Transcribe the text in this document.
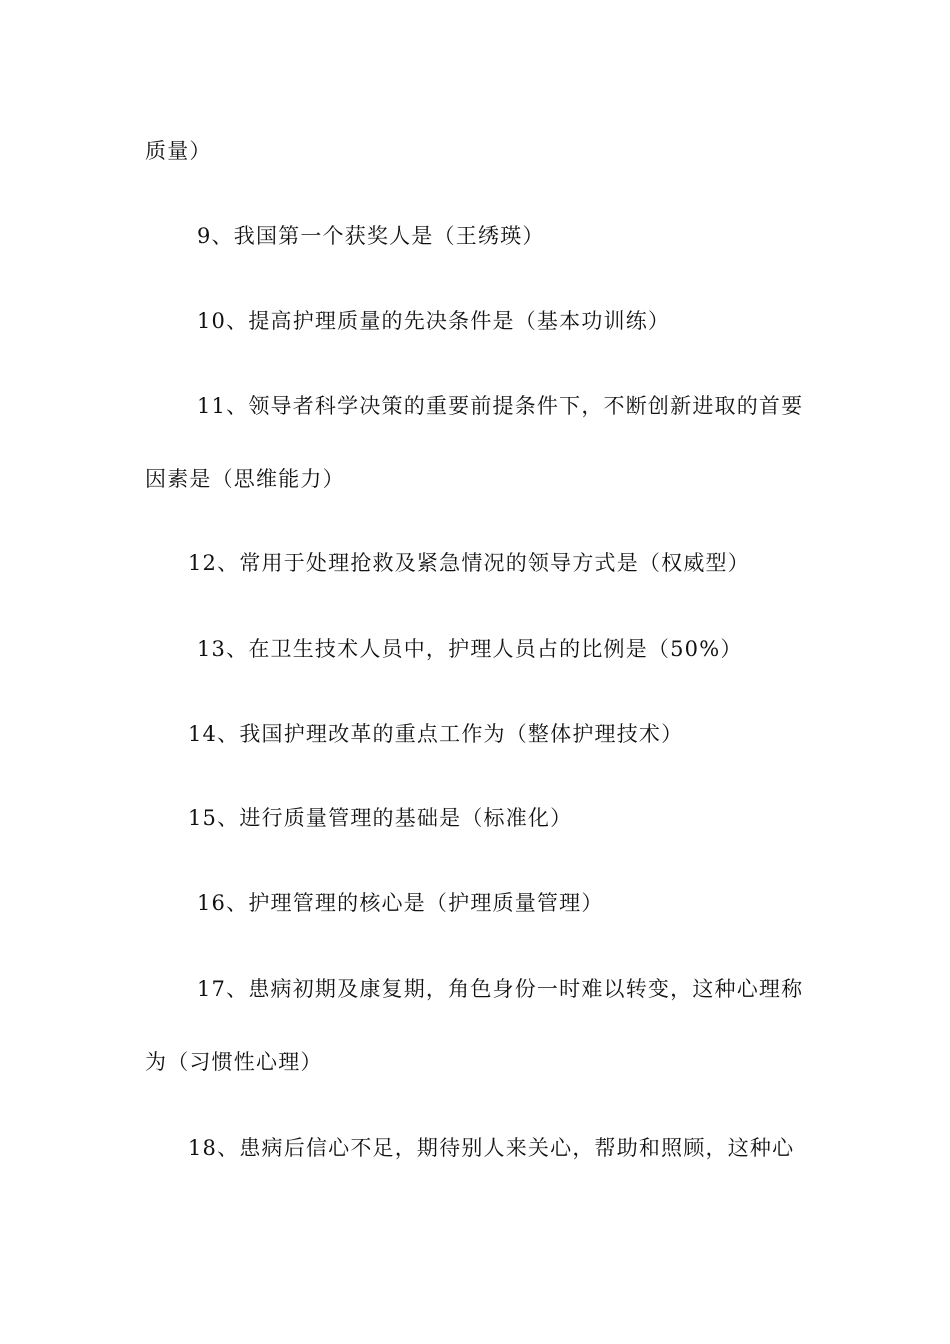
质量）
9、我国第一个获奖人是（王绣瑛）
10、提高护理质量的先决条件是（基本功训练）
11、领导者科学决策的重要前提条件下，不断创新进取的首要
因素是（思维能力）
12、常用于处理抢救及紧急情况的领导方式是（权威型）
13、在卫生技术人员中，护理人员占的比例是（50%）
14、我国护理改革的重点工作为（整体护理技术）
15、进行质量管理的基础是（标准化）
16、护理管理的核心是（护理质量管理）
17、患病初期及康复期，角色身份一时难以转变，这种心理称
为（习惯性心理）
18、患病后信心不足，期待别人来关心，帮助和照顾，这种心
